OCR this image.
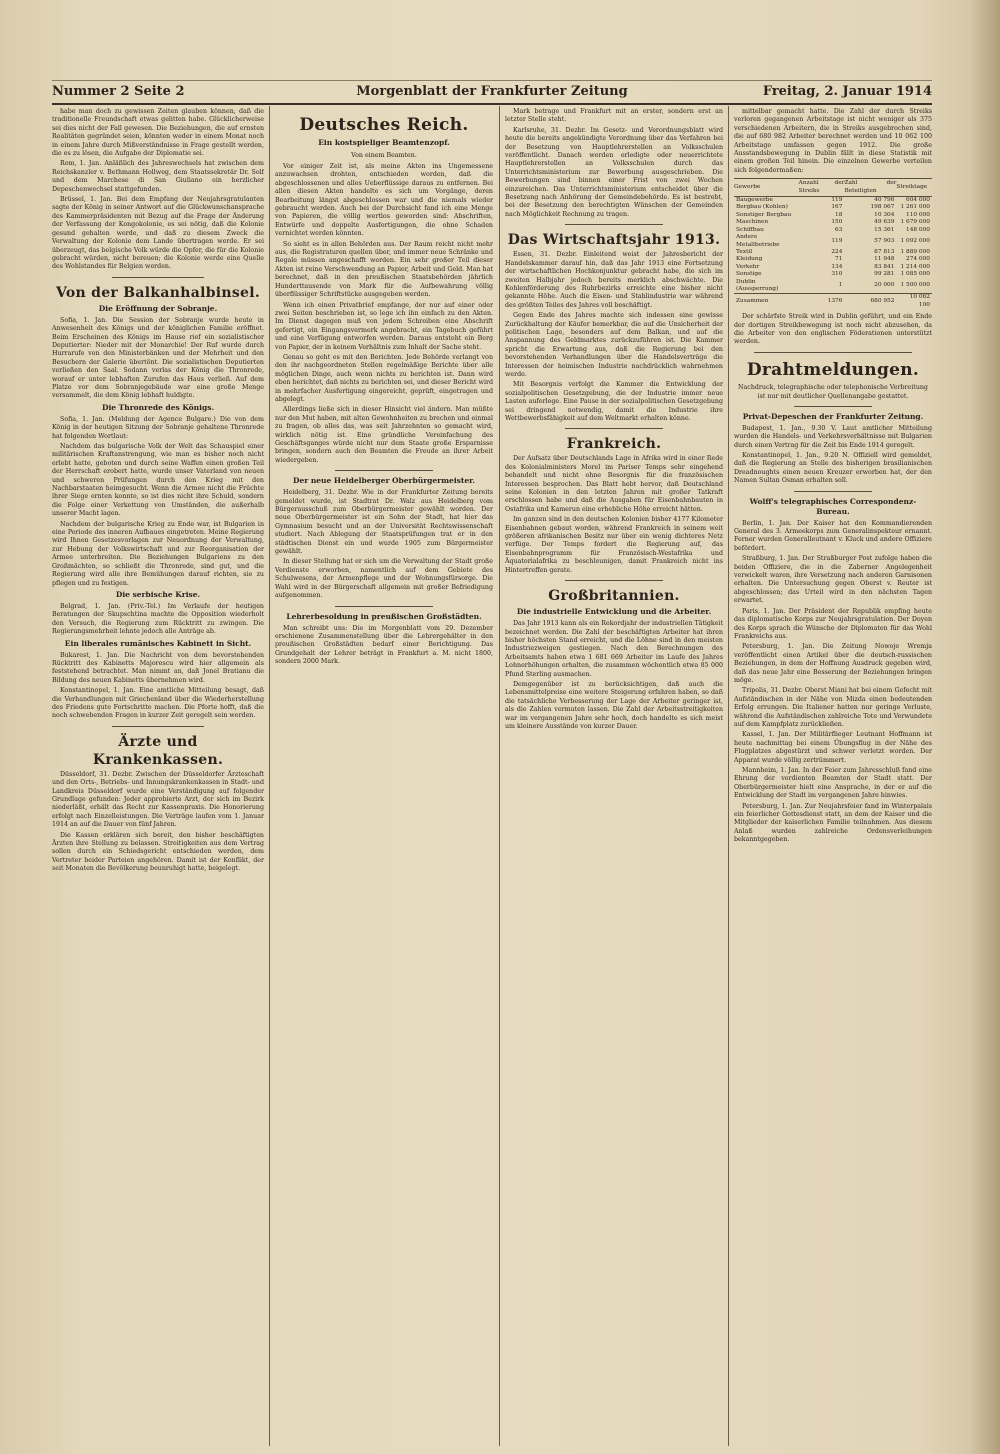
Nummer 2 Seite 2	Morgenblatt der Frankfurter Zeitung	Freitag, 2. Januar 1914

habe man doch zu gewissen Zeiten glauben können, daß die traditionelle Freundschaft etwas gelitten habe. Glücklicherweise sei dies nicht der Fall gewesen. Die Beziehungen, die auf ernsten Realitäten gegründet seien, könnten weder in einem Monat noch in einem Jahre durch Mißverständnisse in Frage gestellt werden, die es zu lösen, die Aufgabe der Diplomatie sei.

Rom, 1. Jan. Anläßlich des Jahreswechsels hat zwischen dem Reichskanzler v. Bethmann Hollweg, dem Staatssekretär Dr. Solf und dem Marchese di San Giuliano ein herzlicher Depeschenwechsel stattgefunden.

Brüssel, 1. Jan. Bei dem Empfang der Neujahrsgratulanten sagte der König in seiner Antwort auf die Glückwunschansprache des Kammerpräsidenten mit Bezug auf die Frage der Änderung der Verfassung der Kongokolonie, es sei nötig, daß die Kolonie gesund gehalten werde, und daß zu diesem Zweck die Verwaltung der Kolonie dem Lande übertragen werde. Er sei überzeugt, das belgische Volk würde die Opfer, die für die Kolonie gebracht würden, nicht bereuen; die Kolonie werde eine Quelle des Wohlstandes für Belgien werden.

Von der Balkanhalbinsel.
Die Eröffnung der Sobranje.

Sofia, 1. Jan. Die Session der Sobranje wurde heute in Anwesenheit des Königs und der königlichen Familie eröffnet. Beim Erscheinen des Königs im Hause rief ein sozialistischer Deputierter: Nieder mit der Monarchie! Der Ruf wurde durch Hurrarufe von den Ministerbänken und der Mehrheit und den Besuchern der Galerie übertönt. Die sozialistischen Deputierten verließen den Saal. Sodann verlas der König die Thronrede, worauf er unter lebhaften Zurufen das Haus verließ. Auf dem Platze vor dem Sobranjegebäude war eine große Menge versammelt, die dem König lebhaft huldigte.

Die Thronrede des Königs.

Sofia, 1. Jan. (Meldung der Agence Bulgare.) Die von dem König in der heutigen Sitzung der Sobranje gehaltene Thronrede hat folgenden Wortlaut:

Nachdem das bulgarische Volk der Welt das Schauspiel einer militärischen Kraftanstrengung, wie man es bisher noch nicht erlebt hatte, geboten und durch seine Waffen einen großen Teil der Herrschaft erobert hatte, wurde unser Vaterland von neuen und schweren Prüfungen durch den Krieg mit den Nachbarstaaten heimgesucht. Wenn die Armee nicht die Früchte ihrer Siege ernten konnte, so ist dies nicht ihre Schuld, sondern die Folge einer Verkettung von Umständen, die außerhalb unserer Macht lagen.

Nachdem der bulgarische Krieg zu Ende war, ist Bulgarien in eine Periode des inneren Aufbaues eingetreten. Meine Regierung wird Ihnen Gesetzesvorlagen zur Neuordnung der Verwaltung, zur Hebung der Volkswirtschaft und zur Reorganisation der Armee unterbreiten. Die Beziehungen Bulgariens zu den Großmächten, so schließt die Thronrede, sind gut, und die Regierung wird alle ihre Bemühungen darauf richten, sie zu pflegen und zu festigen.

Die serbische Krise.

Belgrad, 1. Jan. (Priv.-Tel.) Im Verlaufe der heutigen Beratungen der Skupschtina machte die Opposition wiederholt den Versuch, die Regierung zum Rücktritt zu zwingen. Die Regierungsmehrheit lehnte jedoch alle Anträge ab.

Ein liberales rumänisches Kabinett in Sicht.

Bukarest, 1. Jan. Die Nachricht von dem bevorstehenden Rücktritt des Kabinetts Majorescu wird hier allgemein als feststehend betrachtet. Man nimmt an, daß Jonel Bratianu die Bildung des neuen Kabinetts übernehmen wird.

Konstantinopel, 1. Jan. Eine amtliche Mitteilung besagt, daß die Verhandlungen mit Griechenland über die Wiederherstellung des Friedens gute Fortschritte machen. Die Pforte hofft, daß die noch schwebenden Fragen in kurzer Zeit geregelt sein werden.

Ärzte und Krankenkassen.

Düsseldorf, 31. Dezbr. Zwischen der Düsseldorfer Ärzteschaft und den Orts-, Betriebs- und Innungskrankenkassen in Stadt- und Landkreis Düsseldorf wurde eine Verständigung auf folgender Grundlage gefunden: Jeder approbierte Arzt, der sich im Bezirk niederläßt, erhält das Recht zur Kassenpraxis. Die Honorierung erfolgt nach Einzelleistungen. Die Verträge laufen vom 1. Januar 1914 an auf die Dauer von fünf Jahren.

Die Kassen erklären sich bereit, den bisher beschäftigten Ärzten ihre Stellung zu belassen. Streitigkeiten aus dem Vertrag sollen durch ein Schiedsgericht entschieden werden, dem Vertreter beider Parteien angehören. Damit ist der Konflikt, der seit Monaten die Bevölkerung beunruhigt hatte, beigelegt.

Deutsches Reich.
Ein kostspieliger Beamtenzopf.
Von einem Beamten.

Vor einiger Zeit ist, als meine Akten ins Ungemessene anzuwachsen drohten, entschieden worden, daß die abgeschlossenen und alles Ueberflüssige daraus zu entfernen. Bei allen diesen Akten handelte es sich um Vorgänge, deren Bearbeitung längst abgeschlossen war und die niemals wieder gebraucht werden. Auch bei der Durchsicht fand ich eine Menge von Papieren, die völlig wertlos geworden sind: Abschriften, Entwürfe und doppelte Ausfertigungen, die ohne Schaden vernichtet werden könnten.

So sieht es in allen Behörden aus. Der Raum reicht nicht mehr aus, die Registraturen quellen über, und immer neue Schränke und Regale müssen angeschafft werden. Ein sehr großer Teil dieser Akten ist reine Verschwendung an Papier, Arbeit und Geld. Man hat berechnet, daß in den preußischen Staatsbehörden jährlich Hunderttausende von Mark für die Aufbewahrung völlig überflüssiger Schriftstücke ausgegeben werden.

Wenn ich einen Privatbrief empfange, der nur auf einer oder zwei Seiten beschrieben ist, so lege ich ihn einfach zu den Akten. Im Dienst dagegen muß von jedem Schreiben eine Abschrift gefertigt, ein Eingangsvermerk angebracht, ein Tagebuch geführt und eine Verfügung entworfen werden. Daraus entsteht ein Berg von Papier, der in keinem Verhältnis zum Inhalt der Sache steht.

Genau so geht es mit den Berichten. Jede Behörde verlangt von den ihr nachgeordneten Stellen regelmäßige Berichte über alle möglichen Dinge, auch wenn nichts zu berichten ist. Dann wird eben berichtet, daß nichts zu berichten sei, und dieser Bericht wird in mehrfacher Ausfertigung eingereicht, geprüft, eingetragen und abgelegt.

Allerdings ließe sich in dieser Hinsicht viel ändern. Man müßte nur den Mut haben, mit alten Gewohnheiten zu brechen und einmal zu fragen, ob alles das, was seit Jahrzehnten so gemacht wird, wirklich nötig ist. Eine gründliche Vereinfachung des Geschäftsganges würde nicht nur dem Staate große Ersparnisse bringen, sondern auch den Beamten die Freude an ihrer Arbeit wiedergeben.

Der neue Heidelberger Oberbürgermeister.

Heidelberg, 31. Dezbr. Wie in der Frankfurter Zeitung bereits gemeldet wurde, ist Stadtrat Dr. Walz aus Heidelberg vom Bürgerausschuß zum Oberbürgermeister gewählt worden. Der neue Oberbürgermeister ist ein Sohn der Stadt, hat hier das Gymnasium besucht und an der Universität Rechtswissenschaft studiert. Nach Ablegung der Staatsprüfungen trat er in den städtischen Dienst ein und wurde 1905 zum Bürgermeister gewählt.

In dieser Stellung hat er sich um die Verwaltung der Stadt große Verdienste erworben, namentlich auf dem Gebiete des Schulwesens, der Armenpflege und der Wohnungsfürsorge. Die Wahl wird in der Bürgerschaft allgemein mit großer Befriedigung aufgenommen.

Lehrerbesoldung in preußischen Großstädten.

Man schreibt uns: Die im Morgenblatt vom 29. Dezember erschienene Zusammenstellung über die Lehrergehälter in den preußischen Großstädten bedarf einer Berichtigung. Das Grundgehalt der Lehrer beträgt in Frankfurt a. M. nicht 1800, sondern 2000 Mark.

Mark betrage und Frankfurt mit an erster, sondern erst an letzter Stelle steht.

Karlsruhe, 31. Dezbr. Im Gesetz- und Verordnungsblatt wird heute die bereits angekündigte Verordnung über das Verfahren bei der Besetzung von Hauptlehrerstellen an Volksschulen veröffentlicht. Danach werden erledigte oder neuerrichtete Hauptlehrerstellen an Volksschulen durch das Unterrichtsministerium zur Bewerbung ausgeschrieben. Die Bewerbungen sind binnen einer Frist von zwei Wochen einzureichen. Das Unterrichtsministerium entscheidet über die Besetzung nach Anhörung der Gemeindebehörde. Es ist bestrebt, bei der Besetzung den berechtigten Wünschen der Gemeinden nach Möglichkeit Rechnung zu tragen.

Das Wirtschaftsjahr 1913.

Essen, 31. Dezbr. Einleitend weist der Jahresbericht der Handelskammer darauf hin, daß das Jahr 1913 eine Fortsetzung der wirtschaftlichen Hochkonjunktur gebracht habe, die sich im zweiten Halbjahr jedoch bereits merklich abschwächte. Die Kohlenförderung des Ruhrbezirks erreichte eine bisher nicht gekannte Höhe. Auch die Eisen- und Stahlindustrie war während des größten Teiles des Jahres voll beschäftigt.

Gegen Ende des Jahres machte sich indessen eine gewisse Zurückhaltung der Käufer bemerkbar, die auf die Unsicherheit der politischen Lage, besonders auf dem Balkan, und auf die Anspannung des Geldmarktes zurückzuführen ist. Die Kammer spricht die Erwartung aus, daß die Regierung bei den bevorstehenden Verhandlungen über die Handelsverträge die Interessen der heimischen Industrie nachdrücklich wahrnehmen werde.

Mit Besorgnis verfolgt die Kammer die Entwicklung der sozialpolitischen Gesetzgebung, die der Industrie immer neue Lasten auferlege. Eine Pause in der sozialpolitischen Gesetzgebung sei dringend notwendig, damit die Industrie ihre Wettbewerbsfähigkeit auf dem Weltmarkt erhalten könne.

Frankreich.

Der Aufsatz über Deutschlands Lage in Afrika wird in einer Rede des Kolonialministers Morel im Pariser Temps sehr eingehend behandelt und nicht ohne Besorgnis für die französischen Interessen besprochen. Das Blatt hebt hervor, daß Deutschland seine Kolonien in den letzten Jahren mit großer Tatkraft erschlossen habe und daß die Ausgaben für Eisenbahnbauten in Ostafrika und Kamerun eine erhebliche Höhe erreicht hätten.

Im ganzen sind in den deutschen Kolonien bisher 4177 Kilometer Eisenbahnen gebaut worden, während Frankreich in seinem weit größeren afrikanischen Besitz nur über ein wenig dichteres Netz verfüge. Der Temps fordert die Regierung auf, das Eisenbahnprogramm für Französisch-Westafrika und Äquatorialafrika zu beschleunigen, damit Frankreich nicht ins Hintertreffen gerate.

Großbritannien.
Die industrielle Entwicklung und die Arbeiter.

Das Jahr 1913 kann als ein Rekordjahr der industriellen Tätigkeit bezeichnet werden. Die Zahl der beschäftigten Arbeiter hat ihren bisher höchsten Stand erreicht, und die Löhne sind in den meisten Industriezweigen gestiegen. Nach den Berechnungen des Arbeitsamts haben etwa 1 681 669 Arbeiter im Laufe des Jahres Lohnerhöhungen erhalten, die zusammen wöchentlich etwa 85 000 Pfund Sterling ausmachen.

Demgegenüber ist zu berücksichtigen, daß auch die Lebensmittelpreise eine weitere Steigerung erfahren haben, so daß die tatsächliche Verbesserung der Lage der Arbeiter geringer ist, als die Zahlen vermuten lassen. Die Zahl der Arbeitsstreitigkeiten war im vergangenen Jahre sehr hoch, doch handelte es sich meist um kleinere Ausstände von kurzer Dauer.

mittelbar gemacht hatte. Die Zahl der durch Streiks verloren gegangenen Arbeitstage ist nicht weniger als 375 verschiedenen Arbeitern, die in Streiks ausgebrochen sind, die auf 680 982 Arbeiter berechnet werden und 10 062 100 Arbeitstage umfassen gegen 1912. Die große Ausstandsbewegung in Dublin fällt in diese Statistik mit einem großen Teil hinein. Die einzelnen Gewerbe verteilen sich folgendermaßen:

Gewerbe	Anzahl der Streiks	Zahl der Beteiligten	Streiktage
Baugewerbe	119	40 796	604 000
Bergbau (Kohlen)	167	198 067	1 261 000
Sonstiger Bergbau	18	10 304	110 000
Maschinen	150	49 639	1 679 000
Schiffbau	63	15 361	148 000
Andere Metallbetriebe	119	57 903	1 092 000
Textil	224	87 813	1 889 000
Kleidung	71	11 948	274 000
Verkehr	134	83 841	1 214 000
Sonstige	310	99 281	1 085 000
Dublin (Aussperrung)	1	20 000	1 500 000
Zusammen	1376	680 952	10 062 100

Der schärfste Streik wird in Dublin geführt, und ein Ende der dortigen Streikbewegung ist noch nicht abzusehen, da die Arbeiter von den englischen Föderationen unterstützt werden.

Drahtmeldungen.
Nachdruck, telegraphische oder telephonische Verbreitung ist nur mit deutlicher Quellenangabe gestattet.
Privat-Depeschen der Frankfurter Zeitung.

Budapest, 1. Jan., 9.30 V. Laut amtlicher Mitteilung wurden die Handels- und Verkehrsverhältnisse mit Bulgarien durch einen Vertrag für die Zeit bis Ende 1914 geregelt.

Konstantinopel, 1. Jan., 9.20 N. Offiziell wird gemeldet, daß die Regierung an Stelle des bisherigen brasilianischen Dreadnoughts einen neuen Kreuzer erworben hat, der den Namen Sultan Osman erhalten soll.

Wolff's telegraphisches Correspondenz-Bureau.

Berlin, 1. Jan. Der Kaiser hat den Kommandierenden General des 3. Armeekorps zum Generalinspekteur ernannt. Ferner wurden Generalleutnant v. Kluck und andere Offiziere befördert.

Straßburg, 1. Jan. Der Straßburger Post zufolge haben die beiden Offiziere, die in die Zaberner Angelegenheit verwickelt waren, ihre Versetzung nach anderen Garnisonen erhalten. Die Untersuchung gegen Oberst v. Reuter ist abgeschlossen; das Urteil wird in den nächsten Tagen erwartet.

Paris, 1. Jan. Der Präsident der Republik empfing heute das diplomatische Korps zur Neujahrsgratulation. Der Doyen des Korps sprach die Wünsche der Diplomaten für das Wohl Frankreichs aus.

Petersburg, 1. Jan. Die Zeitung Nowoje Wremja veröffentlicht einen Artikel über die deutsch-russischen Beziehungen, in dem der Hoffnung Ausdruck gegeben wird, daß das neue Jahr eine Besserung der Beziehungen bringen möge.

Tripolis, 31. Dezbr. Oberst Miani hat bei einem Gefecht mit Aufständischen in der Nähe von Mizda einen bedeutenden Erfolg errungen. Die Italiener hatten nur geringe Verluste, während die Aufständischen zahlreiche Tote und Verwundete auf dem Kampfplatz zurückließen.

Kassel, 1. Jan. Der Militärflieger Leutnant Hoffmann ist heute nachmittag bei einem Übungsflug in der Nähe des Flugplatzes abgestürzt und schwer verletzt worden. Der Apparat wurde völlig zertrümmert.

Mannheim, 1. Jan. In der Feier zum Jahresschluß fand eine Ehrung der verdienten Beamten der Stadt statt. Der Oberbürgermeister hielt eine Ansprache, in der er auf die Entwicklung der Stadt im vergangenen Jahre hinwies.

Petersburg, 1. Jan. Zur Neujahrsfeier fand im Winterpalais ein feierlicher Gottesdienst statt, an dem der Kaiser und die Mitglieder der kaiserlichen Familie teilnahmen. Aus diesem Anlaß wurden zahlreiche Ordensverleihungen bekanntgegeben.
